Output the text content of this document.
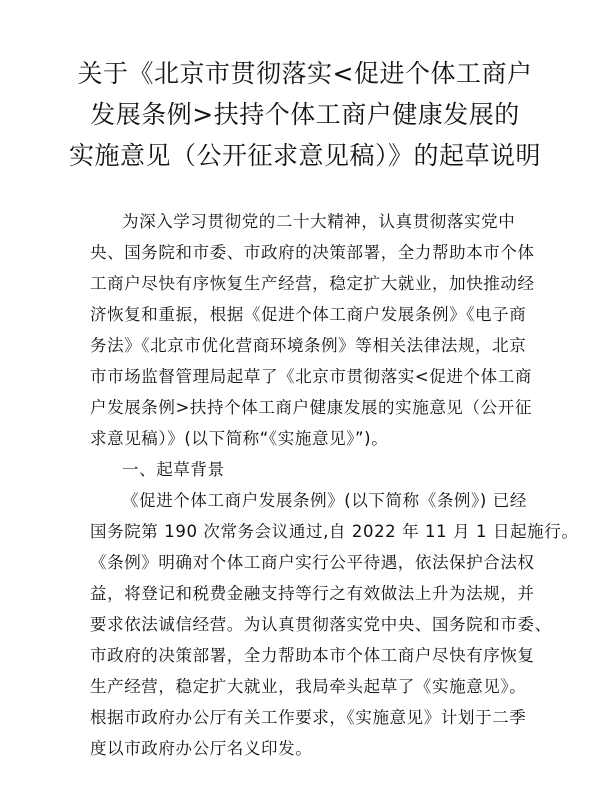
关于《北京市贯彻落实<促进个体工商户
发展条例>扶持个体工商户健康发展的
实施意见（公开征求意见稿）》的起草说明
为深入学习贯彻党的二十大精神，认真贯彻落实党中
央、国务院和市委、市政府的决策部署，全力帮助本市个体
工商户尽快有序恢复生产经营，稳定扩大就业，加快推动经
济恢复和重振，根据《促进个体工商户发展条例》《电子商
务法》《北京市优化营商环境条例》等相关法律法规，北京
市市场监督管理局起草了《北京市贯彻落实<促进个体工商
户发展条例>扶持个体工商户健康发展的实施意见（公开征
求意见稿）》(以下简称“《实施意见》”)。
一、起草背景
《促进个体工商户发展条例》(以下简称《条例》) 已经
国务院第 190 次常务会议通过,自 2022 年 11 月 1 日起施行。
《条例》明确对个体工商户实行公平待遇，依法保护合法权
益，将登记和税费金融支持等行之有效做法上升为法规，并
要求依法诚信经营。为认真贯彻落实党中央、国务院和市委、
市政府的决策部署，全力帮助本市个体工商户尽快有序恢复
生产经营，稳定扩大就业，我局牵头起草了《实施意见》。
根据市政府办公厅有关工作要求，《实施意见》计划于二季
度以市政府办公厅名义印发。
